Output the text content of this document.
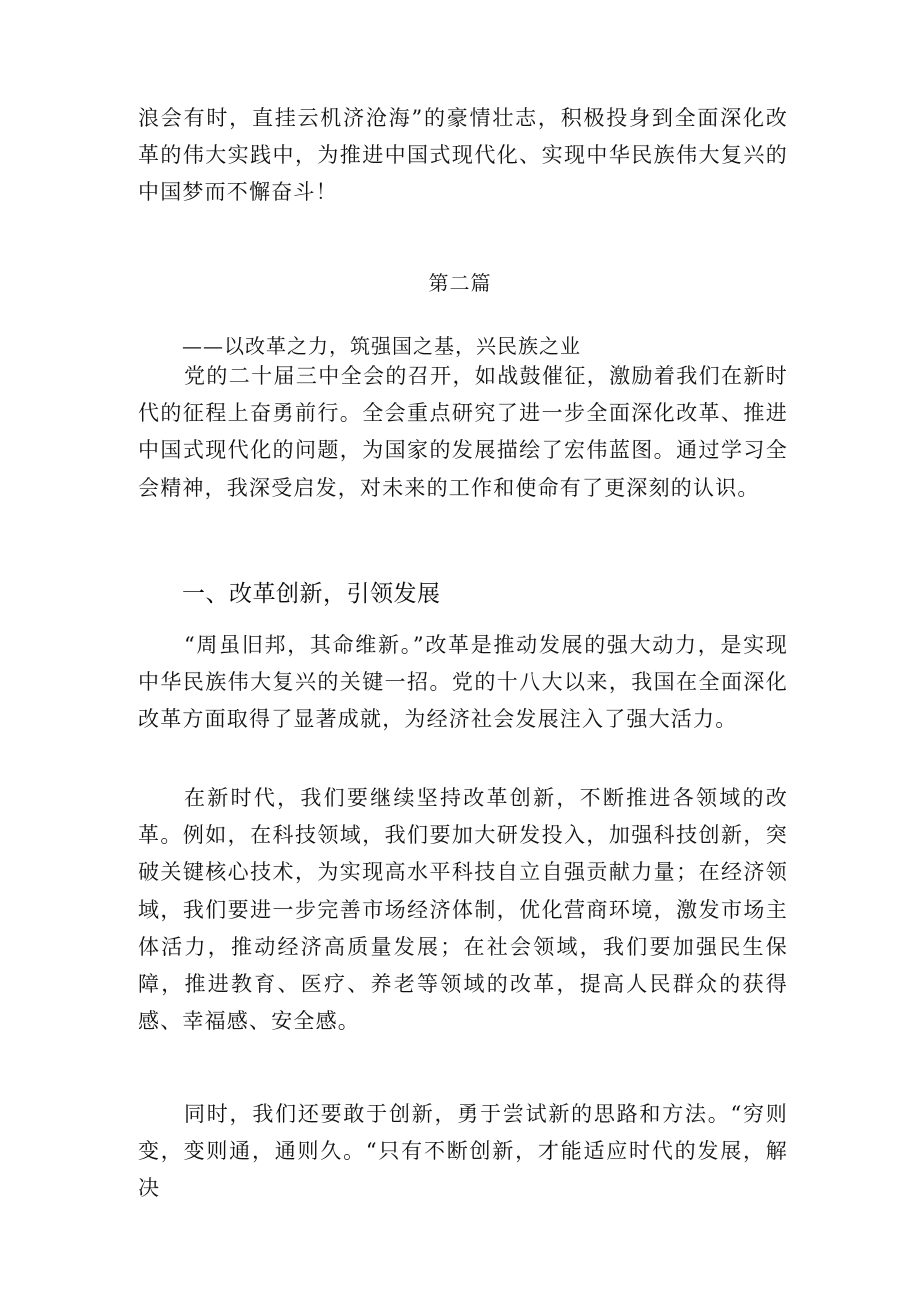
浪会有时，直挂云机济沧海”的豪情壮志，积极投身到全面深化改革的伟大实践中，为推进中国式现代化、实现中华民族伟大复兴的中国梦而不懈奋斗！

第二篇

——以改革之力，筑强国之基，兴民族之业

党的二十届三中全会的召开，如战鼓催征，激励着我们在新时代的征程上奋勇前行。全会重点研究了进一步全面深化改革、推进中国式现代化的问题，为国家的发展描绘了宏伟蓝图。通过学习全会精神，我深受启发，对未来的工作和使命有了更深刻的认识。

一、改革创新，引领发展

“周虽旧邦，其命维新。”改革是推动发展的强大动力，是实现中华民族伟大复兴的关键一招。党的十八大以来，我国在全面深化改革方面取得了显著成就，为经济社会发展注入了强大活力。

在新时代，我们要继续坚持改革创新，不断推进各领域的改革。例如，在科技领域，我们要加大研发投入，加强科技创新，突破关键核心技术，为实现高水平科技自立自强贡献力量；在经济领域，我们要进一步完善市场经济体制，优化营商环境，激发市场主体活力，推动经济高质量发展；在社会领域，我们要加强民生保障，推进教育、医疗、养老等领域的改革，提高人民群众的获得感、幸福感、安全感。

同时，我们还要敢于创新，勇于尝试新的思路和方法。“穷则变，变则通，通则久。“只有不断创新，才能适应时代的发展，解决
